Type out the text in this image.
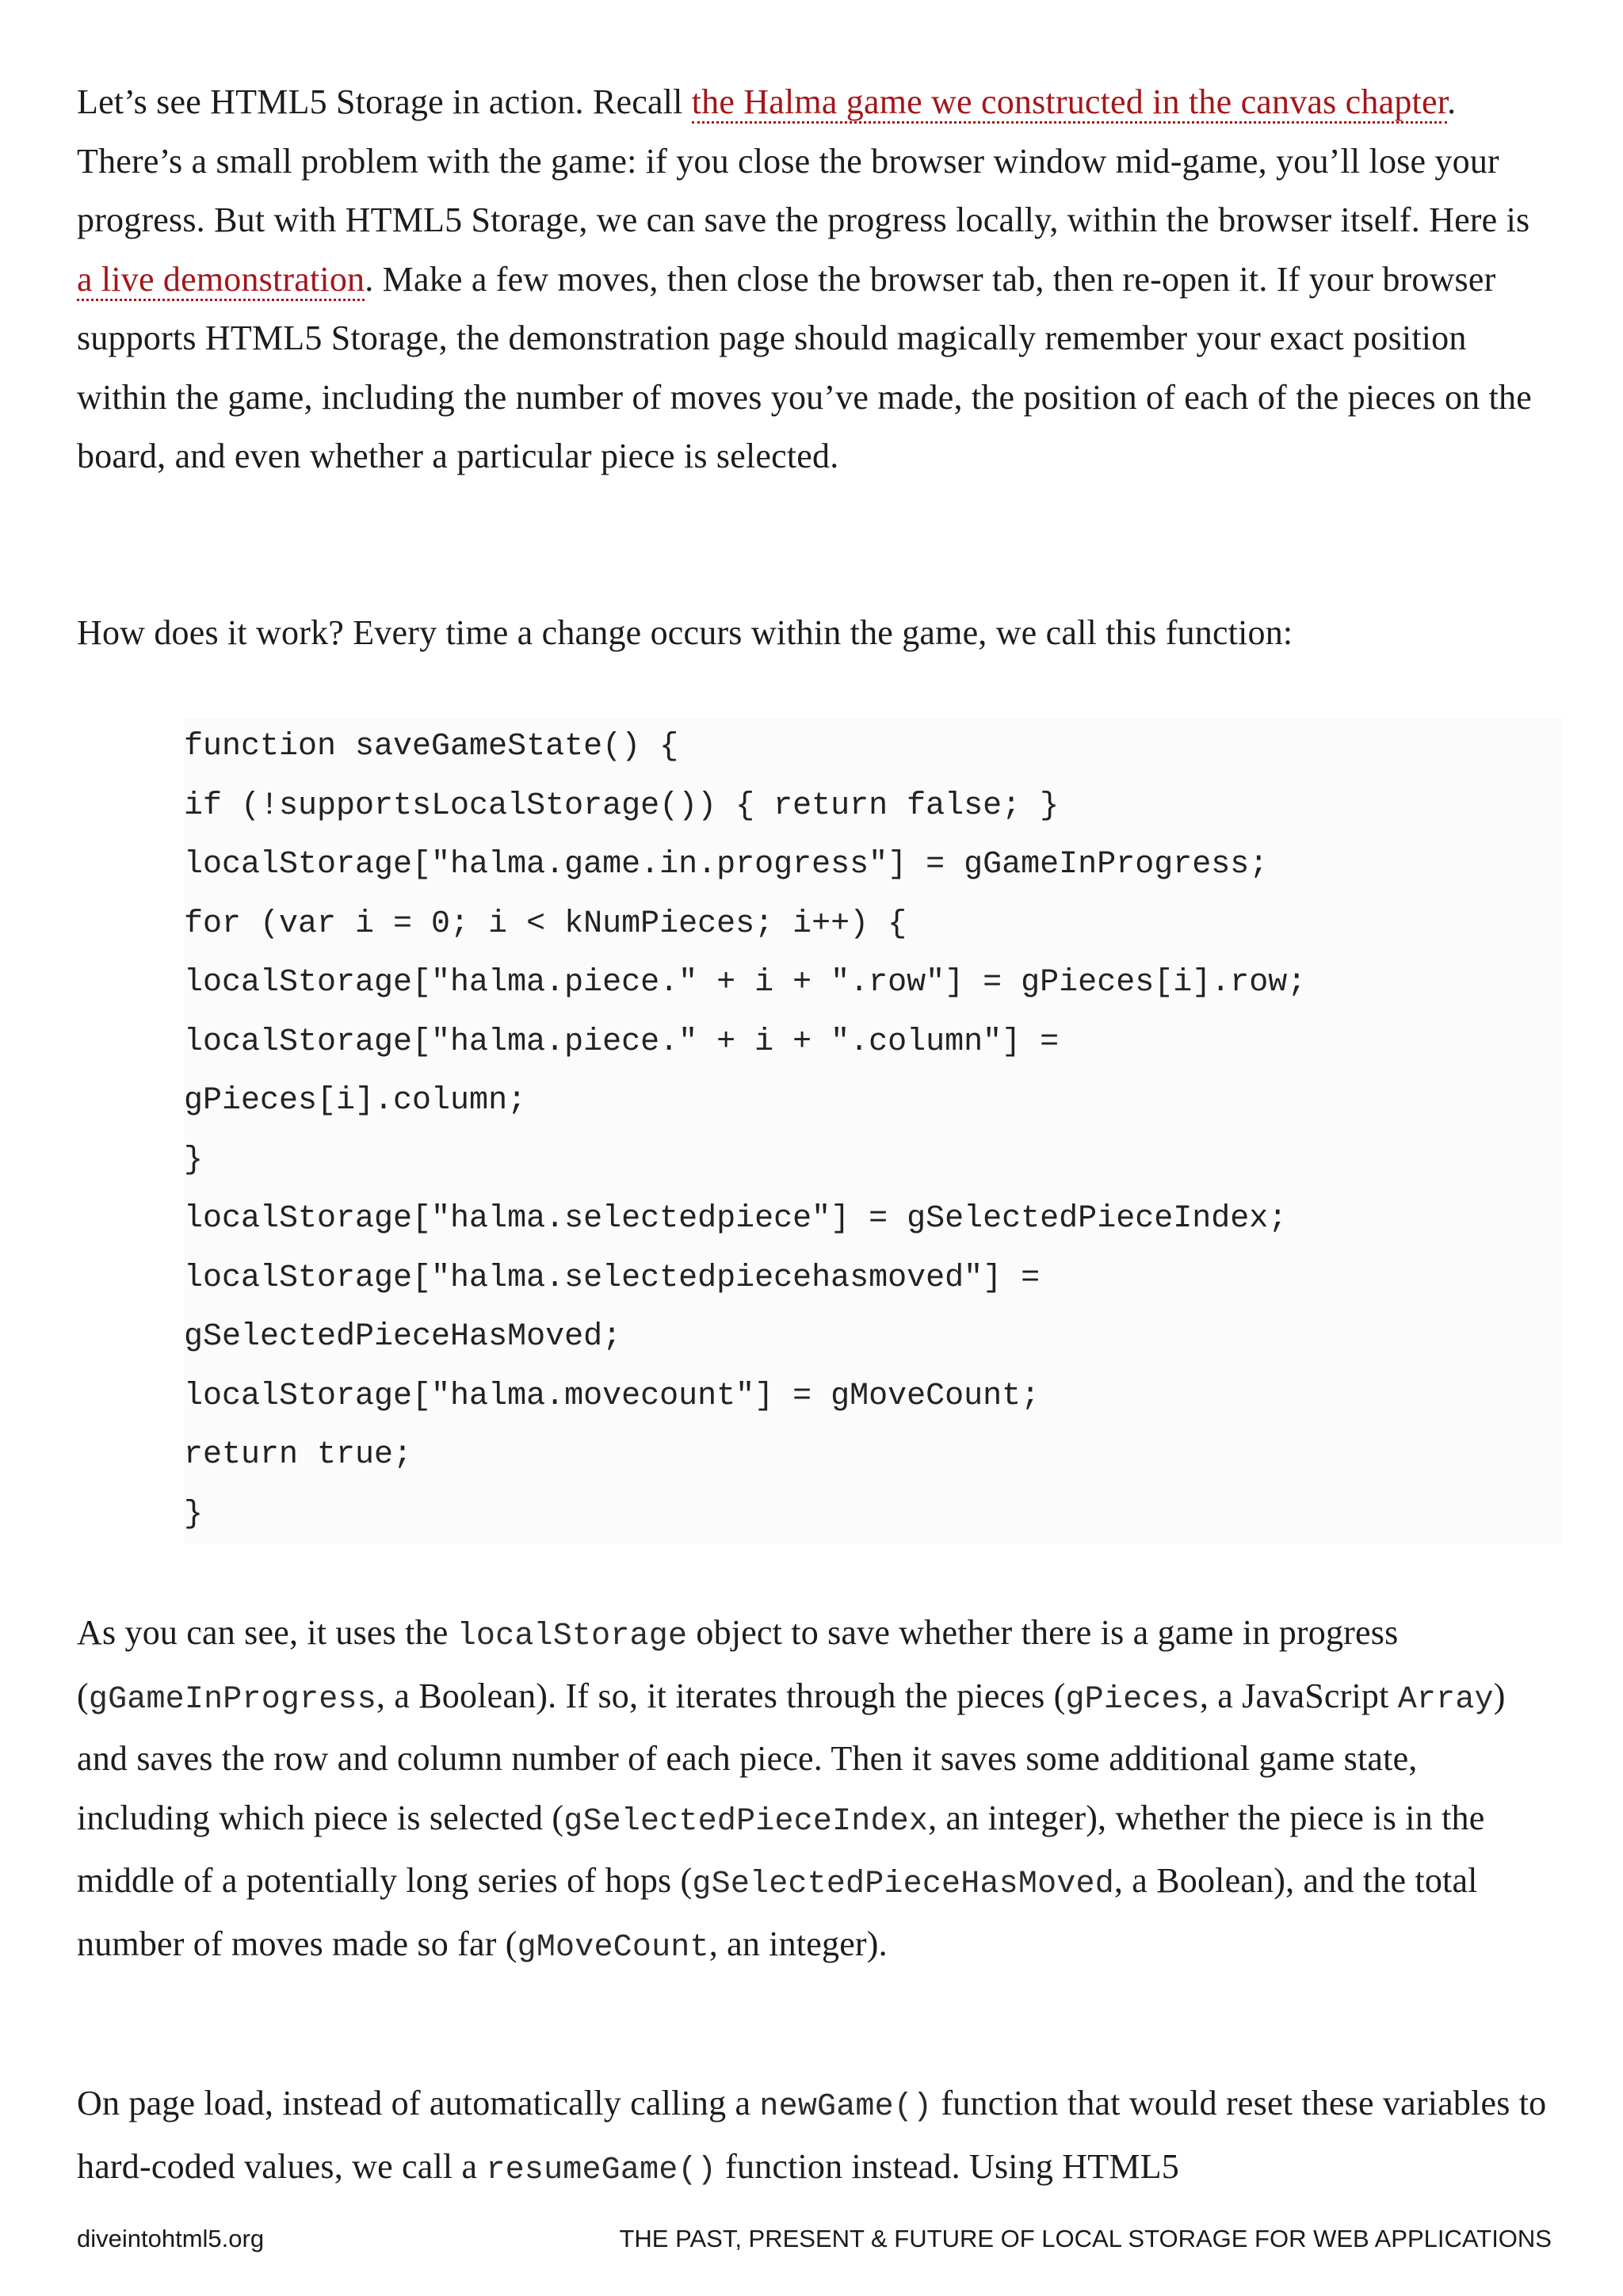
Let’s see HTML5 Storage in action. Recall the Halma game we constructed in the canvas chapter. There’s a small problem with the game: if you close the browser window mid-game, you’ll lose your progress. But with HTML5 Storage, we can save the progress locally, within the browser itself. Here is a live demonstration. Make a few moves, then close the browser tab, then re-open it. If your browser supports HTML5 Storage, the demonstration page should magically remember your exact position within the game, including the number of moves you’ve made, the position of each of the pieces on the board, and even whether a particular piece is selected.

How does it work? Every time a change occurs within the game, we call this function:

function saveGameState() {
if (!supportsLocalStorage()) { return false; }
localStorage["halma.game.in.progress"] = gGameInProgress;
for (var i = 0; i < kNumPieces; i++) {
localStorage["halma.piece." + i + ".row"] = gPieces[i].row;
localStorage["halma.piece." + i + ".column"] =
gPieces[i].column;
}
localStorage["halma.selectedpiece"] = gSelectedPieceIndex;
localStorage["halma.selectedpiecehasmoved"] =
gSelectedPieceHasMoved;
localStorage["halma.movecount"] = gMoveCount;
return true;
}

As you can see, it uses the localStorage object to save whether there is a game in progress (gGameInProgress, a Boolean). If so, it iterates through the pieces (gPieces, a JavaScript Array) and saves the row and column number of each piece. Then it saves some additional game state, including which piece is selected (gSelectedPieceIndex, an integer), whether the piece is in the middle of a potentially long series of hops (gSelectedPieceHasMoved, a Boolean), and the total number of moves made so far (gMoveCount, an integer).

On page load, instead of automatically calling a newGame() function that would reset these variables to hard-coded values, we call a resumeGame() function instead. Using HTML5

diveintohtml5.org	THE PAST, PRESENT & FUTURE OF LOCAL STORAGE FOR WEB APPLICATIONS
